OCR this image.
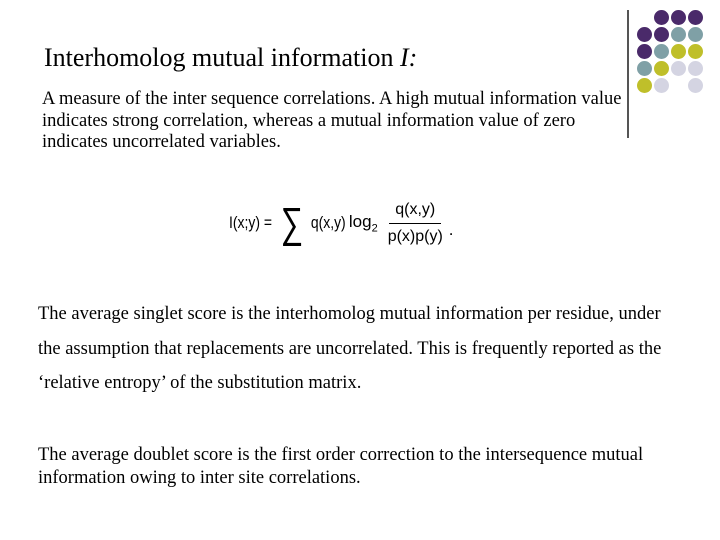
Interhomolog mutual information I:
A measure of the inter sequence correlations. A high mutual information value indicates strong correlation, whereas a mutual information value of zero indicates uncorrelated variables.
I(x;y) = ∑ q(x,y) $\log_2 \frac{q(x,y)}{p(x)p(y)}$ .
The average singlet score is the interhomolog mutual information per residue, under the assumption that replacements are uncorrelated. This is frequently reported as the ‘relative entropy’ of the substitution matrix.
The average doublet score is the first order correction to the intersequence mutual information owing to inter site correlations.
